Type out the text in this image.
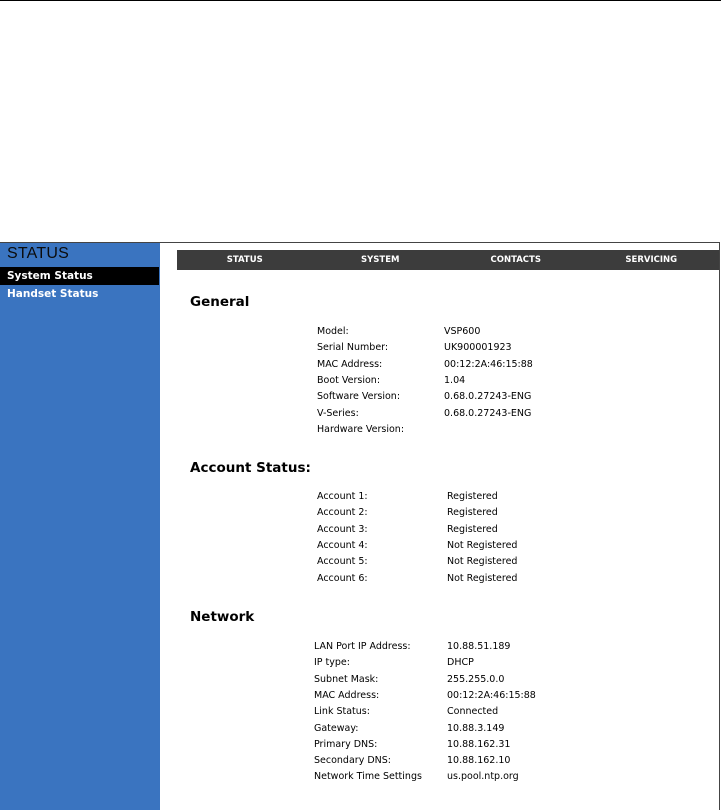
STATUS
System Status
Handset Status
STATUS	SYSTEM	CONTACTS	SERVICING
General
Model:	VSP600
Serial Number:	UK900001923
MAC Address:	00:12:2A:46:15:88
Boot Version:	1.04
Software Version:	0.68.0.27243-ENG
V-Series:	0.68.0.27243-ENG
Hardware Version:
Account Status:
Account 1:	Registered
Account 2:	Registered
Account 3:	Registered
Account 4:	Not Registered
Account 5:	Not Registered
Account 6:	Not Registered
Network
LAN Port IP Address:	10.88.51.189
IP type:	DHCP
Subnet Mask:	255.255.0.0
MAC Address:	00:12:2A:46:15:88
Link Status:	Connected
Gateway:	10.88.3.149
Primary DNS:	10.88.162.31
Secondary DNS:	10.88.162.10
Network Time Settings	us.pool.ntp.org
